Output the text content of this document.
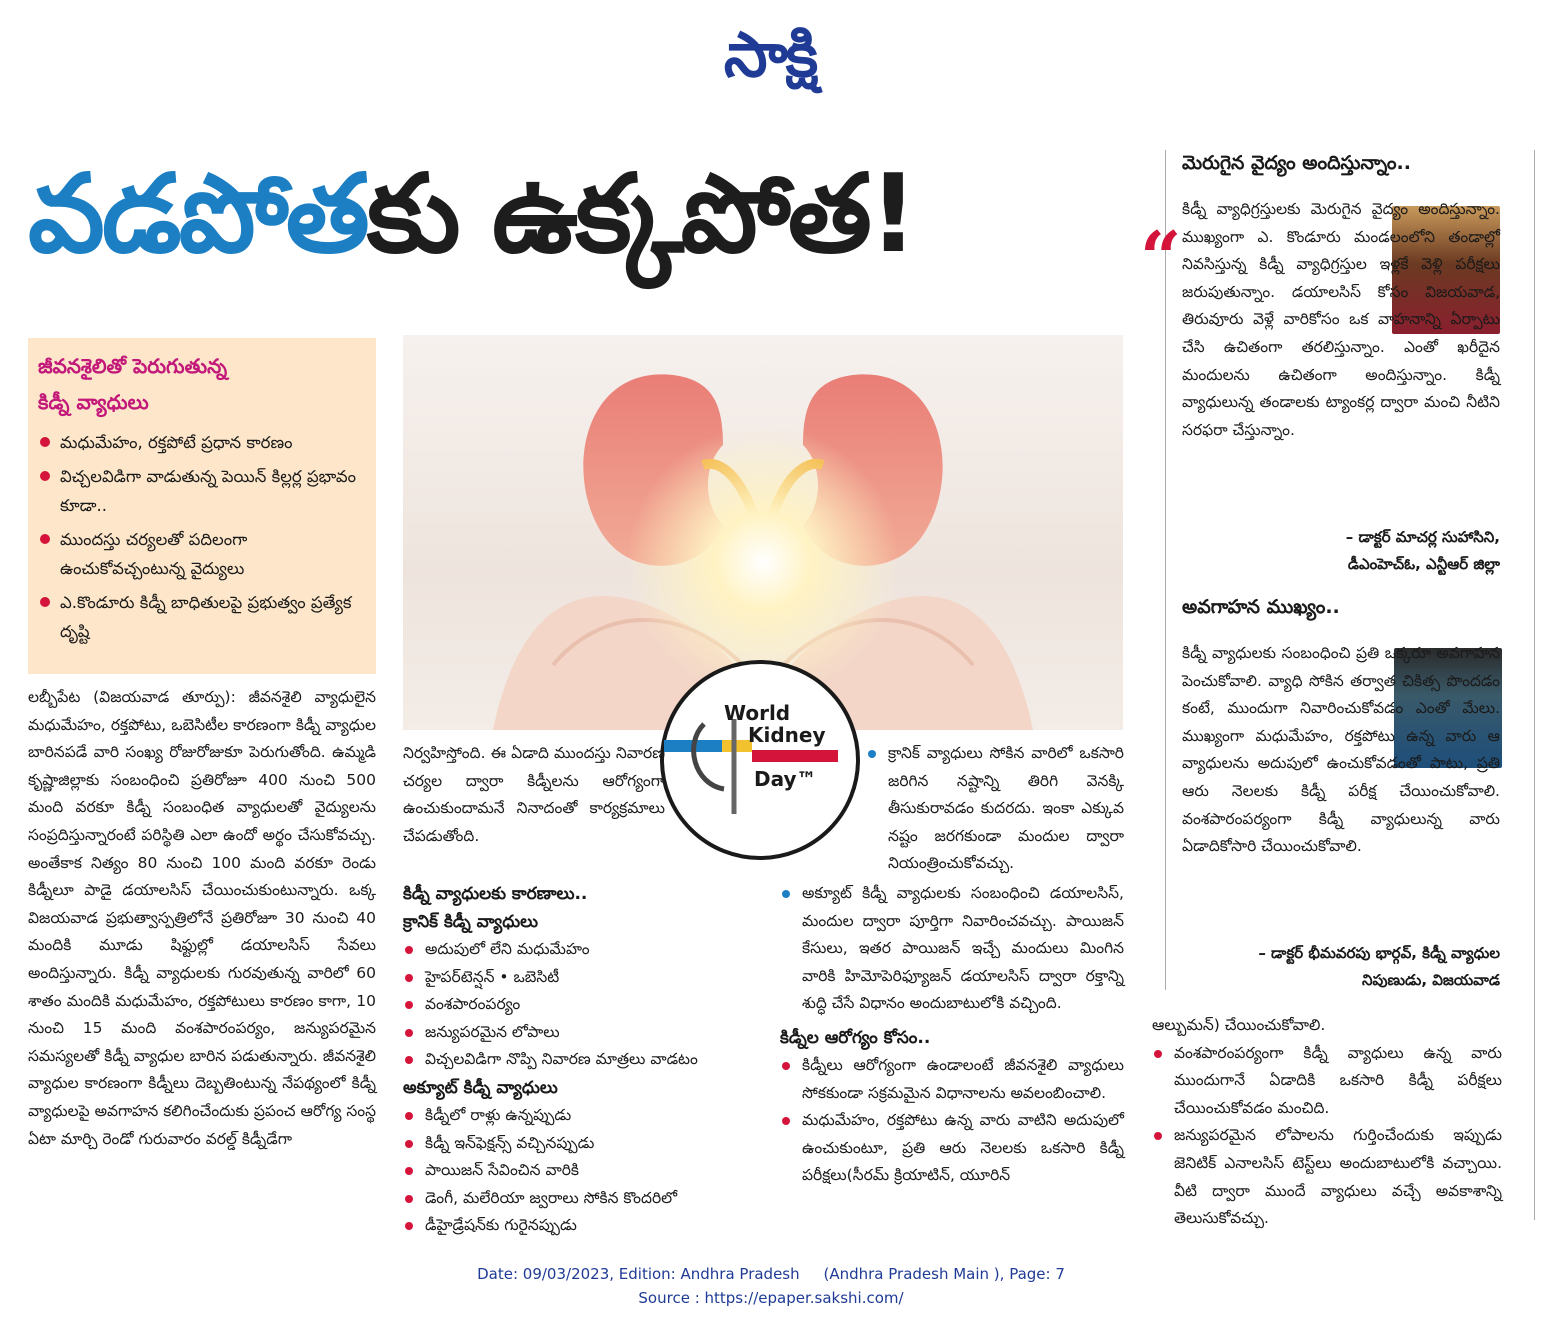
సాక్షి
వడపోతకు ఉక్కపోత!
జీవనశైలితో పెరుగుతున్న
కిడ్నీ వ్యాధులు
మధుమేహం, రక్తపోటే ప్రధాన కారణం
విచ్చలవిడిగా వాడుతున్న పెయిన్ కిల్లర్ల ప్రభావం కూడా..
ముందస్తు చర్యలతో పదిలంగా ఉంచుకోవచ్చంటున్న వైద్యులు
ఎ.కొండూరు కిడ్నీ బాధితులపై ప్రభుత్వం ప్రత్యేక దృష్టి
World
Kidney
Day™
లబ్బీపేట (విజయవాడ తూర్పు): జీవనశైలి వ్యాధులైన మధుమేహం, రక్తపోటు, ఒబెసిటీల కారణంగా కిడ్నీ వ్యాధుల బారినపడే వారి సంఖ్య రోజురోజుకూ పెరుగుతోంది. ఉమ్మడి కృష్ణాజిల్లాకు సంబంధించి ప్రతిరోజూ 400 నుంచి 500 మంది వరకూ కిడ్నీ సంబంధిత వ్యాధులతో వైద్యులను సంప్రదిస్తున్నారంటే పరిస్థితి ఎలా ఉందో అర్థం చేసుకోవచ్చు. అంతేకాక నిత్యం 80 నుంచి 100 మంది వరకూ రెండు కిడ్నీలూ పాడై డయాలసిస్ చేయించుకుంటున్నారు. ఒక్క విజయవాడ ప్రభుత్వాస్పత్రిలోనే ప్రతిరోజూ 30 నుంచి 40 మందికి మూడు షిఫ్టుల్లో డయాలసిస్ సేవలు అందిస్తున్నారు. కిడ్నీ వ్యాధులకు గురవుతున్న వారిలో 60 శాతం మందికి మధుమేహం, రక్తపోటులు కారణం కాగా, 10 నుంచి 15 మంది వంశపారంపర్యం, జన్యుపరమైన సమస్యలతో కిడ్నీ వ్యాధుల బారిన పడుతున్నారు. జీవనశైలి వ్యాధుల కారణంగా కిడ్నీలు దెబ్బతింటున్న నేపథ్యంలో కిడ్నీ వ్యాధులపై అవగాహన కలిగించేందుకు ప్రపంచ ఆరోగ్య సంస్థ ఏటా మార్చి రెండో గురువారం వరల్డ్ కిడ్నీడేగా
నిర్వహిస్తోంది. ఈ ఏడాది ముందస్తు నివారణ చర్యల ద్వారా కిడ్నీలను ఆరోగ్యంగా ఉంచుకుందామనే నినాదంతో కార్యక్రమాలు చేపడుతోంది.
కిడ్నీ వ్యాధులకు కారణాలు..
క్రానిక్ కిడ్నీ వ్యాధులు
అదుపులో లేని మధుమేహం
హైపర్‌టెన్షన్ • ఒబెసిటీ
వంశపారంపర్యం
జన్యుపరమైన లోపాలు
విచ్చలవిడిగా నొప్పి నివారణ మాత్రలు వాడటం
అక్యూట్ కిడ్నీ వ్యాధులు
కిడ్నీలో రాళ్లు ఉన్నప్పుడు
కిడ్నీ ఇన్‌ఫెక్షన్స్ వచ్చినప్పుడు
పాయిజన్ సేవించిన వారికి
డెంగీ, మలేరియా జ్వరాలు సోకిన కొందరిలో
డీహైడ్రేషన్‌కు గురైనప్పుడు
క్రానిక్ వ్యాధులు సోకిన వారిలో ఒకసారి జరిగిన నష్టాన్ని తిరిగి వెనక్కి తీసుకురావడం కుదరదు. ఇంకా ఎక్కువ నష్టం జరగకుండా మందుల ద్వారా నియంత్రించుకోవచ్చు.
అక్యూట్ కిడ్నీ వ్యాధులకు సంబంధించి డయాలసిస్, మందుల ద్వారా పూర్తిగా నివారించవచ్చు. పాయిజన్ కేసులు, ఇతర పాయిజన్ ఇచ్చే మందులు మింగిన వారికి హిమోపెరిఫ్యూజన్ డయాలసిస్ ద్వారా రక్తాన్ని శుద్ధి చేసే విధానం అందుబాటులోకి వచ్చింది.
కిడ్నీల ఆరోగ్యం కోసం..
కిడ్నీలు ఆరోగ్యంగా ఉండాలంటే జీవనశైలి వ్యాధులు సోకకుండా సక్రమమైన విధానాలను అవలంబించాలి.
మధుమేహం, రక్తపోటు ఉన్న వారు వాటిని అదుపులో ఉంచుకుంటూ, ప్రతి ఆరు నెలలకు ఒకసారి కిడ్నీ పరీక్షలు(సీరమ్ క్రియాటిన్, యూరిన్
మెరుగైన వైద్యం అందిస్తున్నాం..
“
కిడ్నీ వ్యాధిగ్రస్తులకు మెరుగైన వైద్యం అందిస్తున్నాం. ముఖ్యంగా ఎ. కొండూరు మండలంలోని తండాల్లో నివసిస్తున్న కిడ్నీ వ్యాధిగ్రస్తుల ఇళ్లకే వెళ్లి పరీక్షలు జరుపుతున్నాం. డయాలసిస్ కోసం విజయవాడ, తిరువూరు వెళ్లే వారికోసం ఒక వాహనాన్ని ఏర్పాటు చేసి ఉచితంగా తరలిస్తున్నాం. ఎంతో ఖరీదైన మందులను ఉచితంగా అందిస్తున్నాం. కిడ్నీ వ్యాధులున్న తండాలకు ట్యాంకర్ల ద్వారా మంచి నీటిని సరఫరా చేస్తున్నాం.
– డాక్టర్ మాచర్ల సుహాసిని,
డీఎంహెచ్ఓ, ఎన్టీఆర్ జిల్లా
అవగాహన ముఖ్యం..
కిడ్నీ వ్యాధులకు సంబంధించి ప్రతి ఒక్కరూ అవగాహన పెంచుకోవాలి. వ్యాధి సోకిన తర్వాత చికిత్స పొందడం కంటే, ముందుగా నివారించుకోవడం ఎంతో మేలు. ముఖ్యంగా మధుమేహం, రక్తపోటు ఉన్న వారు ఆ వ్యాధులను అదుపులో ఉంచుకోవడంతో పాటు, ప్రతి ఆరు నెలలకు కిడ్నీ పరీక్ష చేయించుకోవాలి. వంశపారంపర్యంగా కిడ్నీ వ్యాధులున్న వారు ఏడాదికోసారి చేయించుకోవాలి.
– డాక్టర్ భీమవరపు భార్గవ్, కిడ్నీ వ్యాధుల
నిపుణుడు, విజయవాడ
ఆల్బుమన్) చేయించుకోవాలి.
వంశపారంపర్యంగా కిడ్నీ వ్యాధులు ఉన్న వారు ముందుగానే ఏడాదికి ఒకసారి కిడ్నీ పరీక్షలు చేయించుకోవడం మంచిది.
జన్యుపరమైన లోపాలను గుర్తించేందుకు ఇప్పుడు జెనిటిక్ ఎనాలసిస్ టెస్ట్‌లు అందుబాటులోకి వచ్చాయి. వీటి ద్వారా ముందే వ్యాధులు వచ్చే అవకాశాన్ని తెలుసుకోవచ్చు.
Date: 09/03/2023, Edition: Andhra Pradesh     (Andhra Pradesh Main ), Page: 7
Source : https://epaper.sakshi.com/
